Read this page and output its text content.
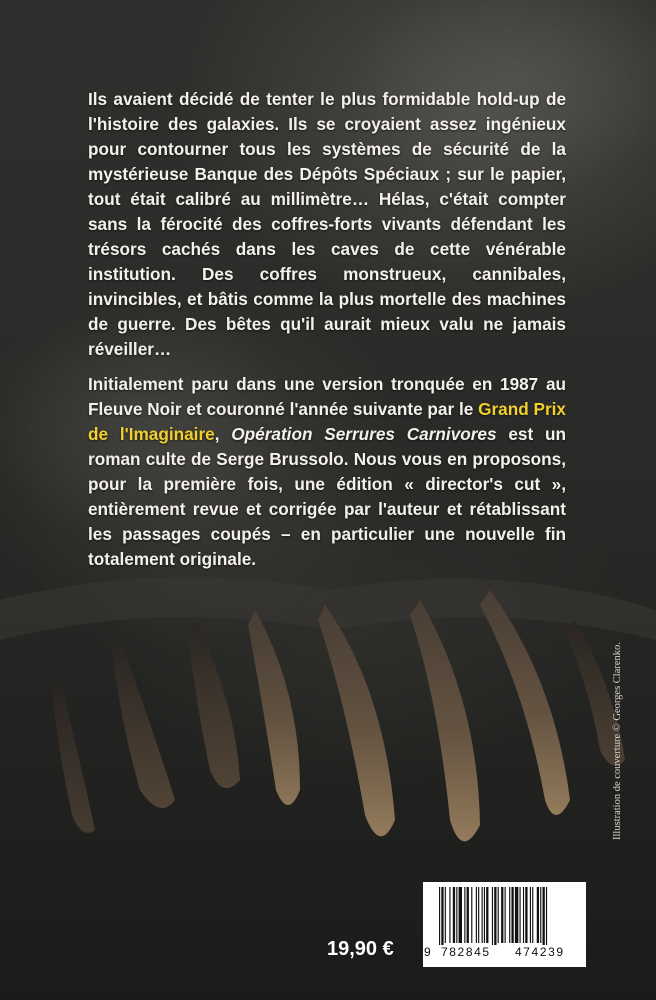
Ils avaient décidé de tenter le plus formidable hold-up de l'histoire des galaxies. Ils se croyaient assez ingénieux pour contourner tous les systèmes de sécurité de la mystérieuse Banque des Dépôts Spéciaux ; sur le papier, tout était calibré au millimètre… Hélas, c'était compter sans la férocité des coffres-forts vivants défendant les trésors cachés dans les caves de cette vénérable institution. Des coffres monstrueux, cannibales, invincibles, et bâtis comme la plus mortelle des machines de guerre. Des bêtes qu'il aurait mieux valu ne jamais réveiller…
Initialement paru dans une version tronquée en 1987 au Fleuve Noir et couronné l'année suivante par le Grand Prix de l'Imaginaire, Opération Serrures Carnivores est un roman culte de Serge Brussolo. Nous vous en proposons, pour la première fois, une édition « director's cut », entièrement revue et corrigée par l'auteur et rétablissant les passages coupés – en particulier une nouvelle fin totalement originale.
Illustration de couverture © Georges Clarenko.
19,90 €	9 782845 474239
